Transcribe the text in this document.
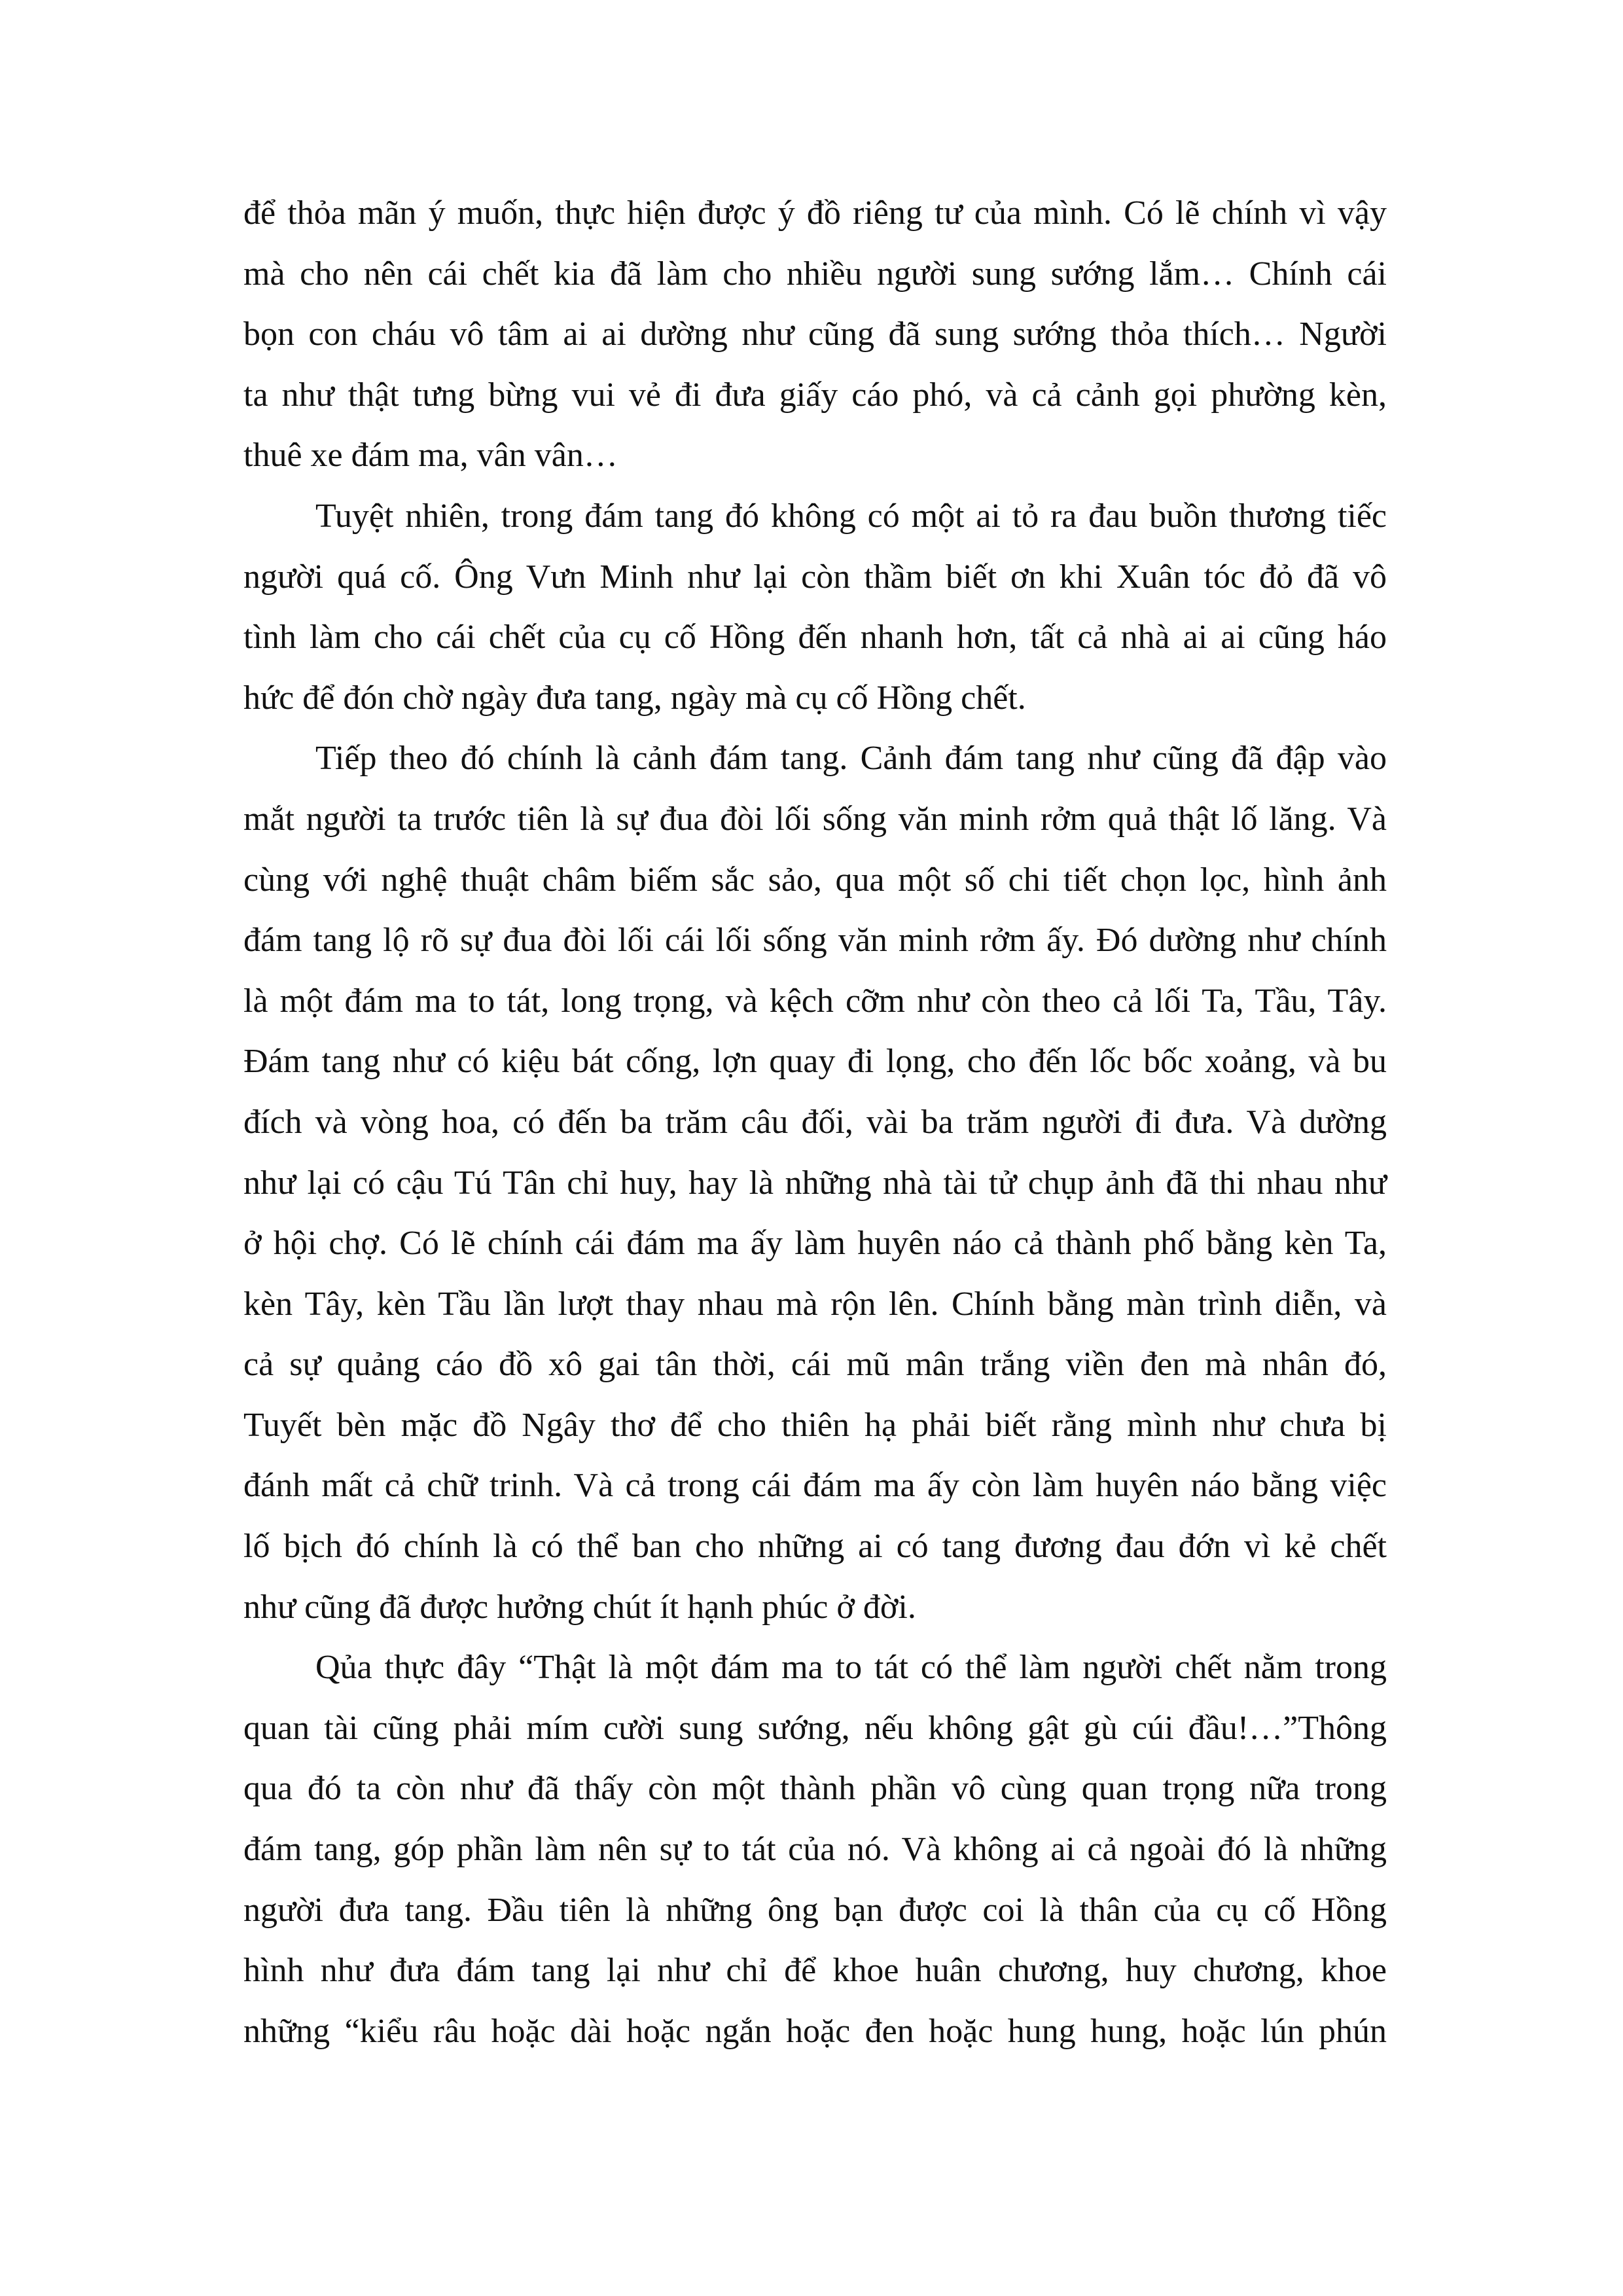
để thỏa mãn ý muốn, thực hiện được ý đồ riêng tư của mình. Có lẽ chính vì vậy
mà cho nên cái chết kia đã làm cho nhiều người sung sướng lắm… Chính cái
bọn con cháu vô tâm ai ai dường như cũng đã sung sướng thỏa thích… Người
ta như thật tưng bừng vui vẻ đi đưa giấy cáo phó, và cả cảnh gọi phường kèn,
thuê xe đám ma, vân vân…
Tuyệt nhiên, trong đám tang đó không có một ai tỏ ra đau buồn thương tiếc
người quá cố. Ông Vưn Minh như lại còn thầm biết ơn khi Xuân tóc đỏ đã vô
tình làm cho cái chết của cụ cố Hồng đến nhanh hơn, tất cả nhà ai ai cũng háo
hức để đón chờ ngày đưa tang, ngày mà cụ cố Hồng chết.
Tiếp theo đó chính là cảnh đám tang. Cảnh đám tang như cũng đã đập vào
mắt người ta trước tiên là sự đua đòi lối sống văn minh rởm quả thật lố lăng. Và
cùng với nghệ thuật châm biếm sắc sảo, qua một số chi tiết chọn lọc, hình ảnh
đám tang lộ rõ sự đua đòi lối cái lối sống văn minh rởm ấy. Đó dường như chính
là một đám ma to tát, long trọng, và kệch cỡm như còn theo cả lối Ta, Tầu, Tây.
Đám tang như có kiệu bát cống, lợn quay đi lọng, cho đến lốc bốc xoảng, và bu
đích và vòng hoa, có đến ba trăm câu đối, vài ba trăm người đi đưa. Và dường
như lại có cậu Tú Tân chỉ huy, hay là những nhà tài tử chụp ảnh đã thi nhau như
ở hội chợ. Có lẽ chính cái đám ma ấy làm huyên náo cả thành phố bằng kèn Ta,
kèn Tây, kèn Tầu lần lượt thay nhau mà rộn lên. Chính bằng màn trình diễn, và
cả sự quảng cáo đồ xô gai tân thời, cái mũ mân trắng viền đen mà nhân đó,
Tuyết bèn mặc đồ Ngây thơ để cho thiên hạ phải biết rằng mình như chưa bị
đánh mất cả chữ trinh. Và cả trong cái đám ma ấy còn làm huyên náo bằng việc
lố bịch đó chính là có thể ban cho những ai có tang đương đau đớn vì kẻ chết
như cũng đã được hưởng chút ít hạnh phúc ở đời.
Qủa thực đây “Thật là một đám ma to tát có thể làm người chết nằm trong
quan tài cũng phải mím cười sung sướng, nếu không gật gù cúi đầu!…”Thông
qua đó ta còn như đã thấy còn một thành phần vô cùng quan trọng nữa trong
đám tang, góp phần làm nên sự to tát của nó. Và không ai cả ngoài đó là những
người đưa tang. Đầu tiên là những ông bạn được coi là thân của cụ cố Hồng
hình như đưa đám tang lại như chỉ để khoe huân chương, huy chương, khoe
những “kiểu râu hoặc dài hoặc ngắn hoặc đen hoặc hung hung, hoặc lún phún
